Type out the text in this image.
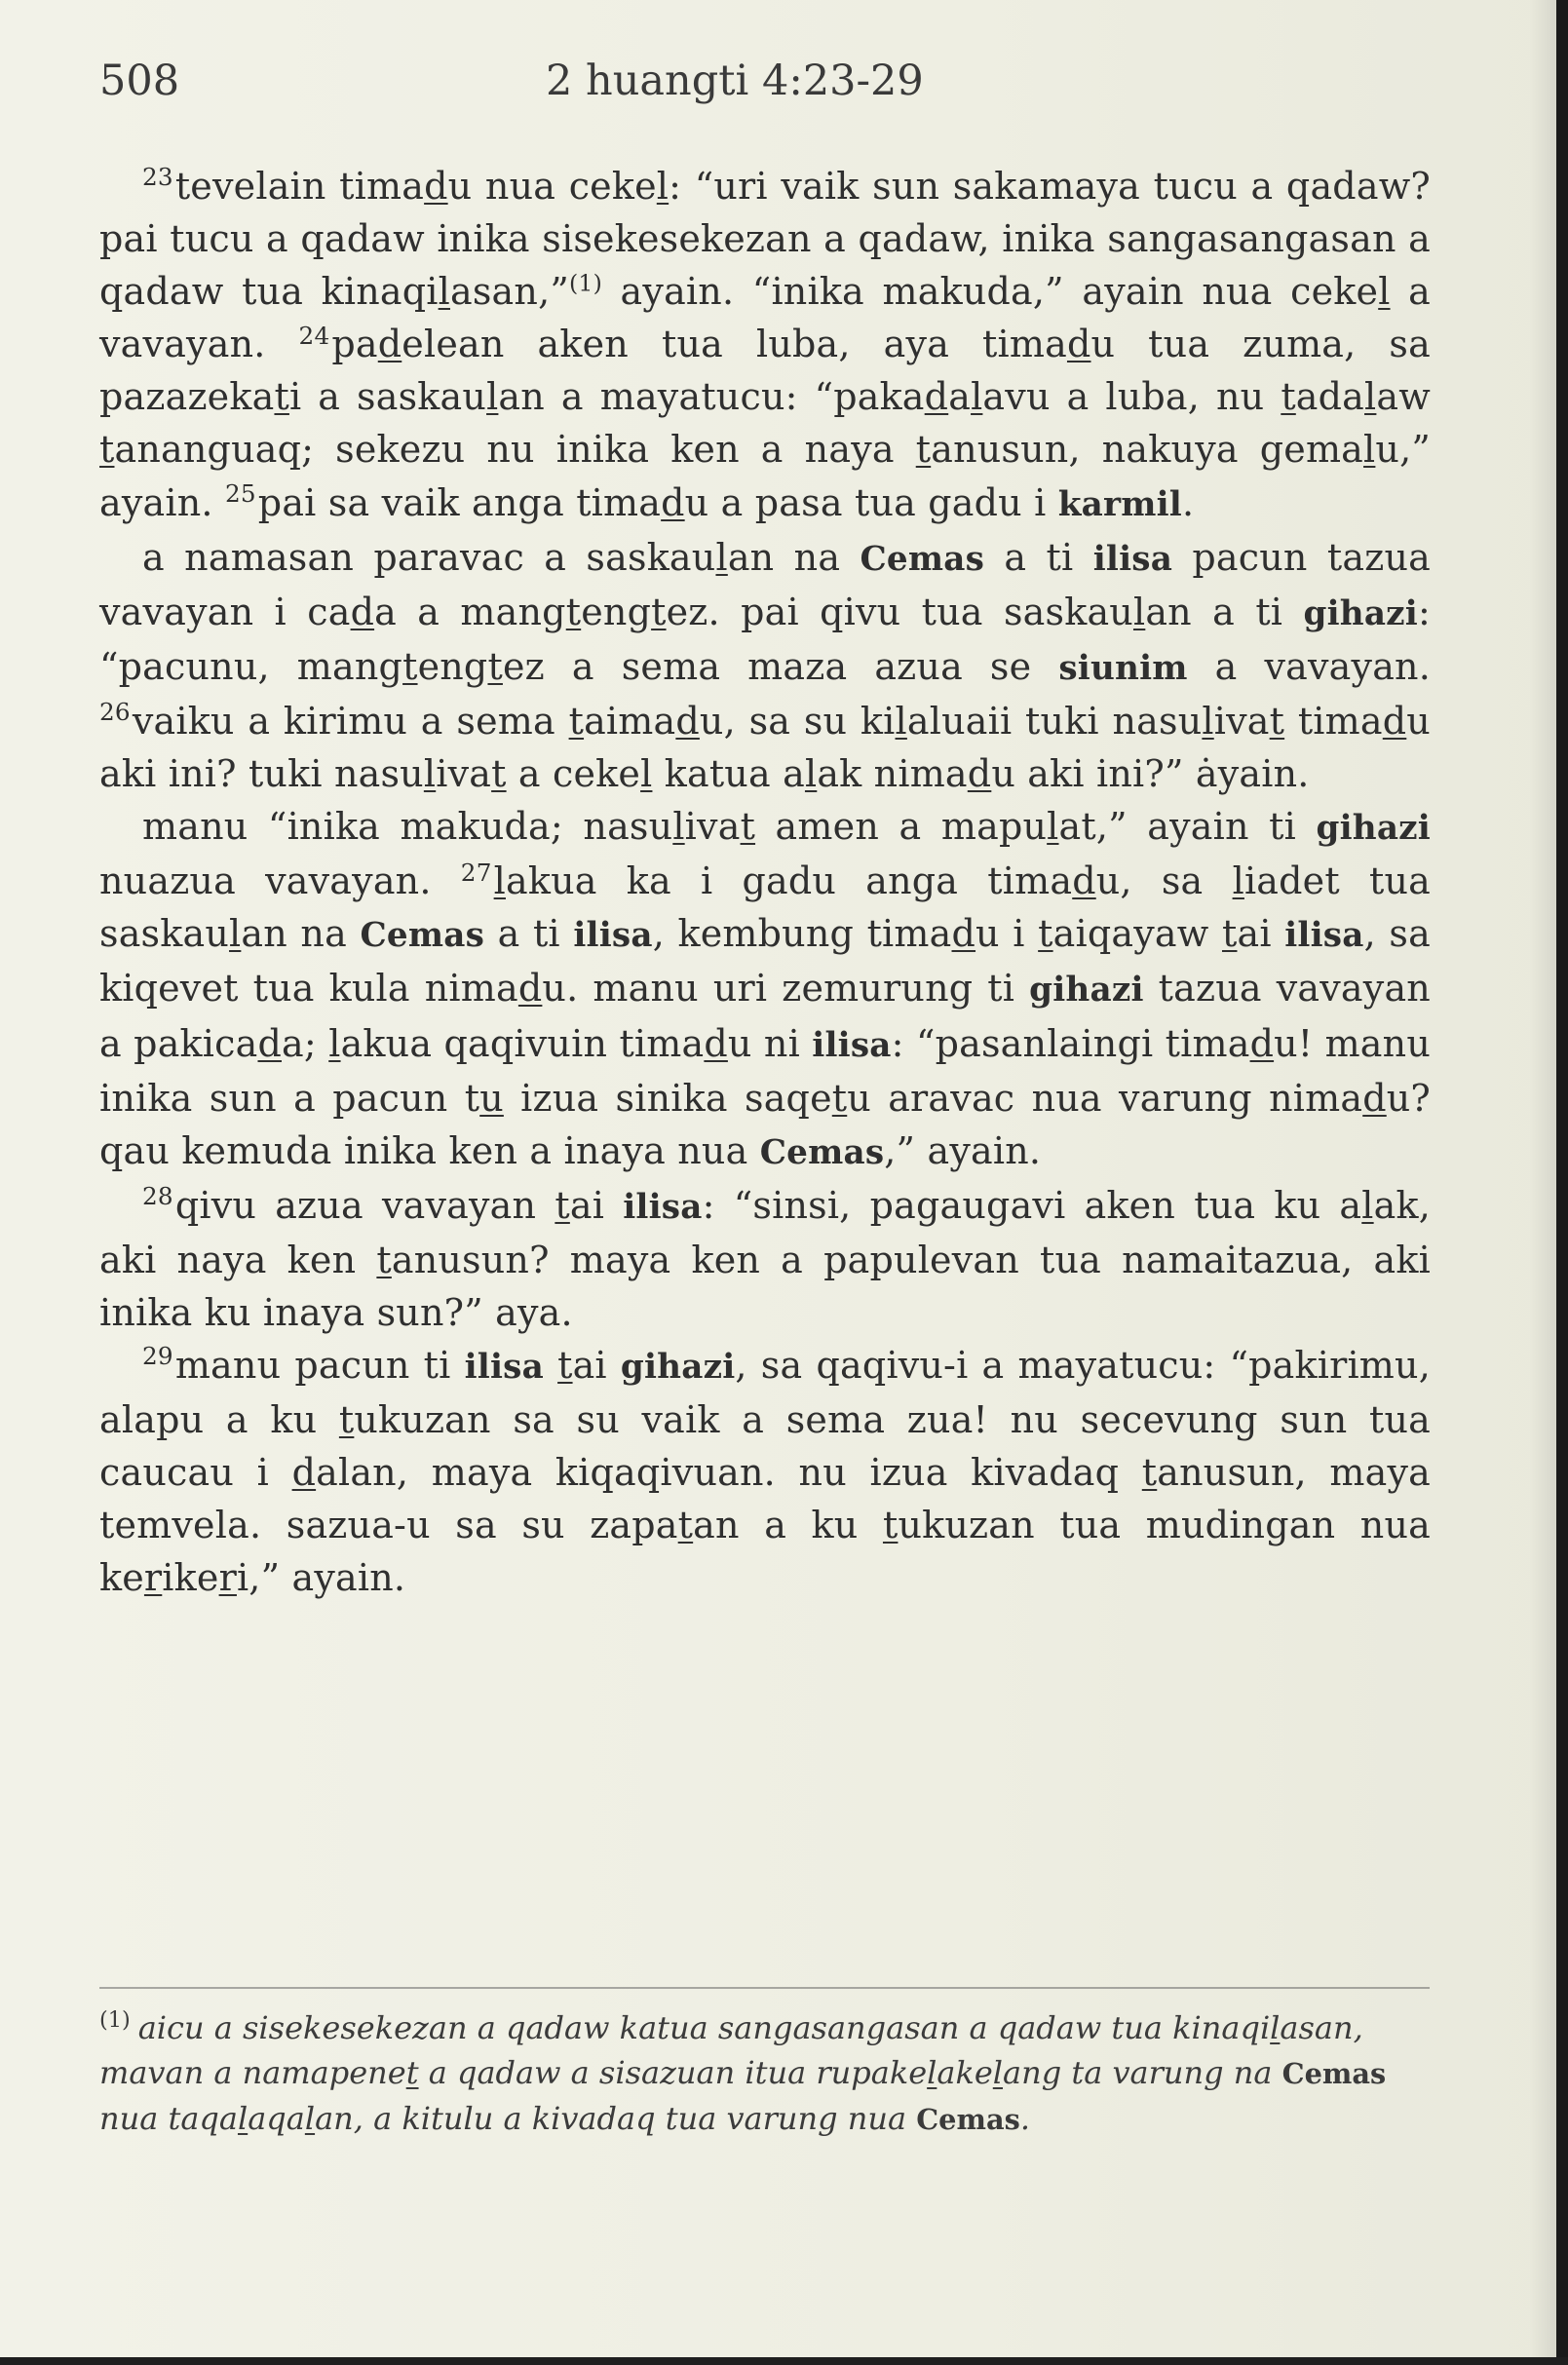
508	2 huangti 4:23-29

$^{23}$tevelain timadu nua cekel: “uri vaik sun sakamaya tucu a qadaw? pai tucu a qadaw inika sisekesekezan a qadaw, inika sangasangasan a qadaw tua kinaqilasan,”$^{(1)}$ ayain. “inika makuda,” ayain nua cekel a vavayan. $^{24}$padelean aken tua luba, aya timadu tua zuma, sa pazazekati a saskaulan a mayatucu: “pakadalavu a luba, nu tadalaw tananguaq; sekezu nu inika ken a naya tanusun, nakuya gemalu,” ayain. $^{25}$pai sa vaik anga timadu a pasa tua gadu i karmil.

a namasan paravac a saskaulan na Cemas a ti ilisa pacun tazua vavayan i cada a mangtengtez. pai qivu tua saskaulan a ti gihazi: “pacunu, mangtengtez a sema maza azua se siunim a vavayan. $^{26}$vaiku a kirimu a sema taimadu, sa su kilaluaii tuki nasulivat timadu aki ini? tuki nasulivat a cekel katua alak nimadu aki ini?” ȧyain.

manu “inika makuda; nasulivat amen a mapulat,” ayain ti gihazi nuazua vavayan. $^{27}$lakua ka i gadu anga timadu, sa liadet tua saskaulan na Cemas a ti ilisa, kembung timadu i taiqayaw tai ilisa, sa kiqevet tua kula nimadu. manu uri zemurung ti gihazi tazua vavayan a pakicada; lakua qaqivuin timadu ni ilisa: “pasanlaingi timadu! manu inika sun a pacun tu izua sinika saqetu aravac nua varung nimadu? qau kemuda inika ken a inaya nua Cemas,” ayain.

$^{28}$qivu azua vavayan tai ilisa: “sinsi, pagaugavi aken tua ku alak, aki naya ken tanusun? maya ken a papulevan tua namaitazua, aki inika ku inaya sun?” aya.

$^{29}$manu pacun ti ilisa tai gihazi, sa qaqivu-i a mayatucu: “pakirimu, alapu a ku tukuzan sa su vaik a sema zua! nu secevung sun tua caucau i dalan, maya kiqaqivuan. nu izua kivadaq tanusun, maya temvela. sazua-u sa su zapatan a ku tukuzan tua mudingan nua kerikeri,” ayain.

$^{(1)}$ aicu a sisekesekezan a qadaw katua sangasangasan a qadaw tua kinaqilasan, mavan a namapenet a qadaw a sisazuan itua rupakelakelang ta varung na Cemas nua taqalaqalan, a kitulu a kivadaq tua varung nua Cemas.
